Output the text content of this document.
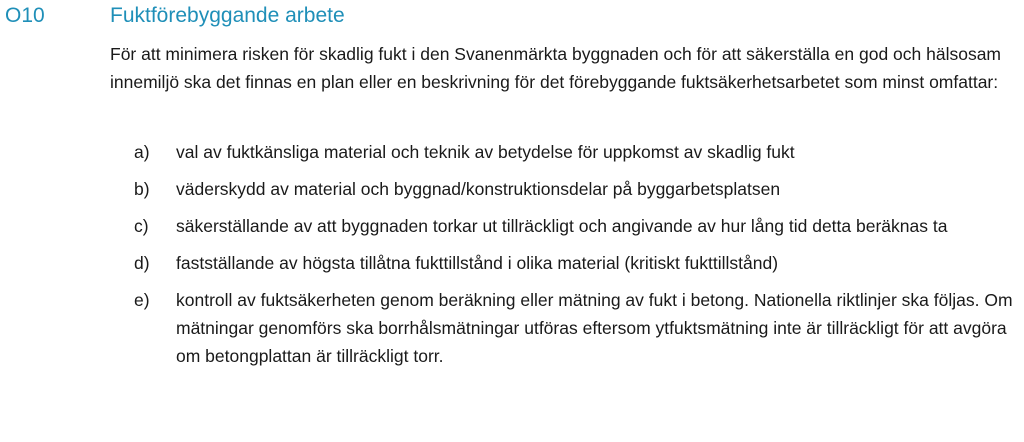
O10	Fuktförebyggande arbete

För att minimera risken för skadlig fukt i den Svanenmärkta byggnaden och för att säkerställa en god och hälsosam innemiljö ska det finnas en plan eller en beskrivning för det förebyggande fuktsäkerhetsarbetet som minst omfattar:

a) val av fuktkänsliga material och teknik av betydelse för uppkomst av skadlig fukt
b) väderskydd av material och byggnad/konstruktionsdelar på byggarbetsplatsen
c) säkerställande av att byggnaden torkar ut tillräckligt och angivande av hur lång tid detta beräknas ta
d) fastställande av högsta tillåtna fukttillstånd i olika material (kritiskt fukttillstånd)
e) kontroll av fuktsäkerheten genom beräkning eller mätning av fukt i betong. Nationella riktlinjer ska följas. Om mätningar genomförs ska borrhålsmätningar utföras eftersom ytfuktsmätning inte är tillräckligt för att avgöra om betongplattan är tillräckligt torr.
